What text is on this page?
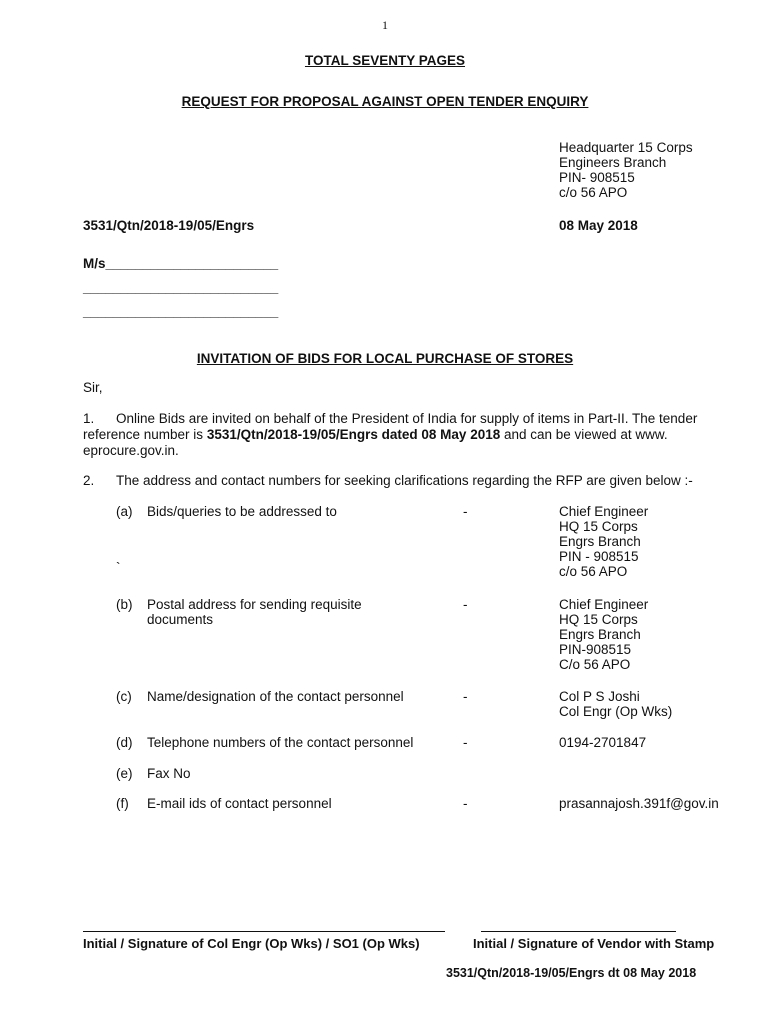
1
TOTAL SEVENTY PAGES
REQUEST FOR PROPOSAL AGAINST OPEN TENDER ENQUIRY
Headquarter 15 Corps
Engineers Branch
PIN- 908515
c/o 56 APO
3531/Qtn/2018-19/05/Engrs	08 May 2018
M/s_______________________
__________________________
__________________________
INVITATION OF BIDS FOR LOCAL PURCHASE OF STORES
Sir,
1. Online Bids are invited on behalf of the President of India for supply of items in Part-II. The tender
reference number is 3531/Qtn/2018-19/05/Engrs dated 08 May 2018 and can be viewed at www.
eprocure.gov.in.
2. The address and contact numbers for seeking clarifications regarding the RFP are given below :-
(a) Bids/queries to be addressed to	-	Chief Engineer
HQ 15 Corps
Engrs Branch
PIN - 908515
c/o 56 APO
`
(b) Postal address for sending requisite
documents
-	Chief Engineer
HQ 15 Corps
Engrs Branch
PIN-908515
C/o 56 APO
(c) Name/designation of the contact personnel	-	Col P S Joshi
Col Engr (Op Wks)
(d) Telephone numbers of the contact personnel	-	0194-2701847
(e) Fax No
(f) E-mail ids of contact personnel	-	prasannajosh.391f@gov.in
Initial / Signature of Col Engr (Op Wks) / SO1 (Op Wks)	Initial / Signature of Vendor with Stamp
3531/Qtn/2018-19/05/Engrs dt 08 May 2018
